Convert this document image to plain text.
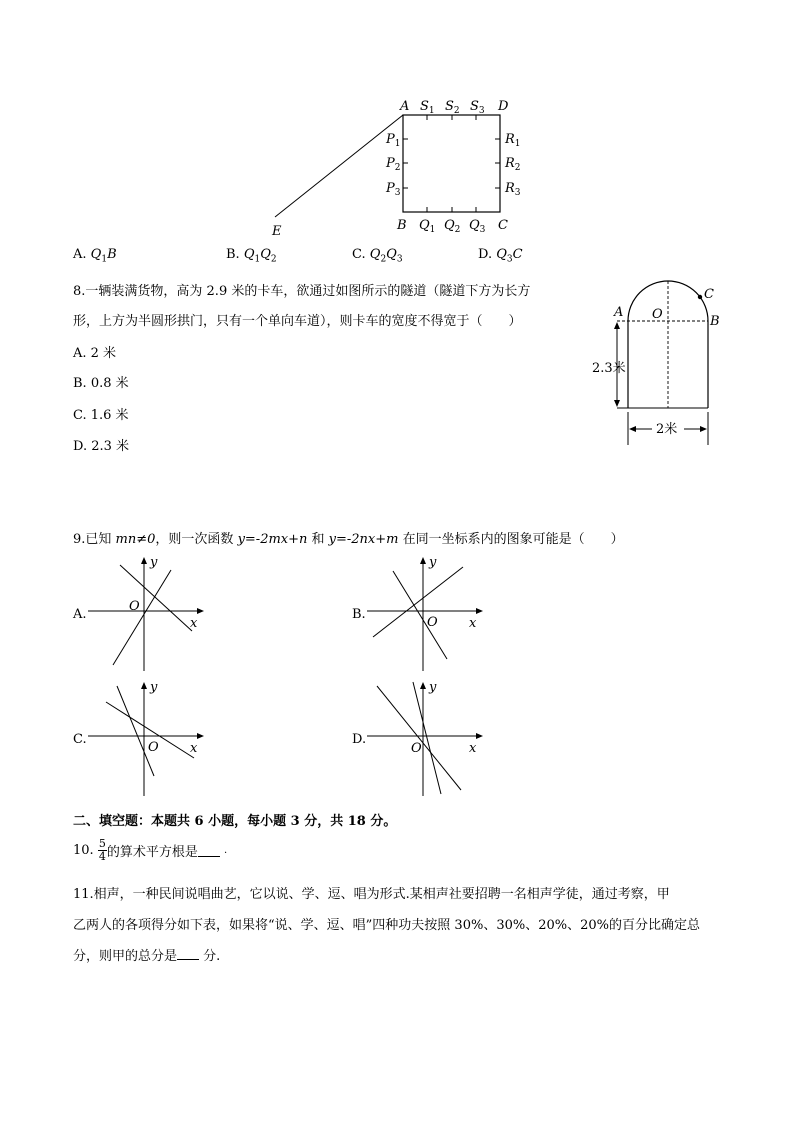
A	D
B	C
E
$S_1$ $S_2$ $S_3$
$P_1$
$P_2$
$P_3$
$R_1$
$R_2$
$R_3$
$Q_1$ $Q_2$ $Q_3$
A. $Q_1B$	B. $Q_1Q_2$	C. $Q_2Q_3$	D. $Q_3C$
8.一辆装满货物，高为 2.9 米的卡车，欲通过如图所示的隧道（隧道下方为长方
形，上方为半圆形拱门，只有一个单向车道），则卡车的宽度不得宽于（　　）
A. 2 米
B. 0.8 米
C. 1.6 米
D. 2.3 米
A O	B
C
2.3米
2米
9.已知 mn≠0，则一次函数 y=-2mx+n 和 y=-2nx+m 在同一坐标系内的图象可能是（　　）
A.
x
y
O
B.
x
y
O
C.
x
y
O
D.
x
y
O
二、填空题：本题共 6 小题，每小题 3 分，共 18 分。
10. $\frac{5}{4}$ 的算术平方根是	.
11.相声，一种民间说唱曲艺，它以说、学、逗、唱为形式.某相声社要招聘一名相声学徒，通过考察，甲
乙两人的各项得分如下表，如果将“说、学、逗、唱”四种功夫按照 30%、30%、20%、20%的百分比确定总
分，则甲的总分是 分.
